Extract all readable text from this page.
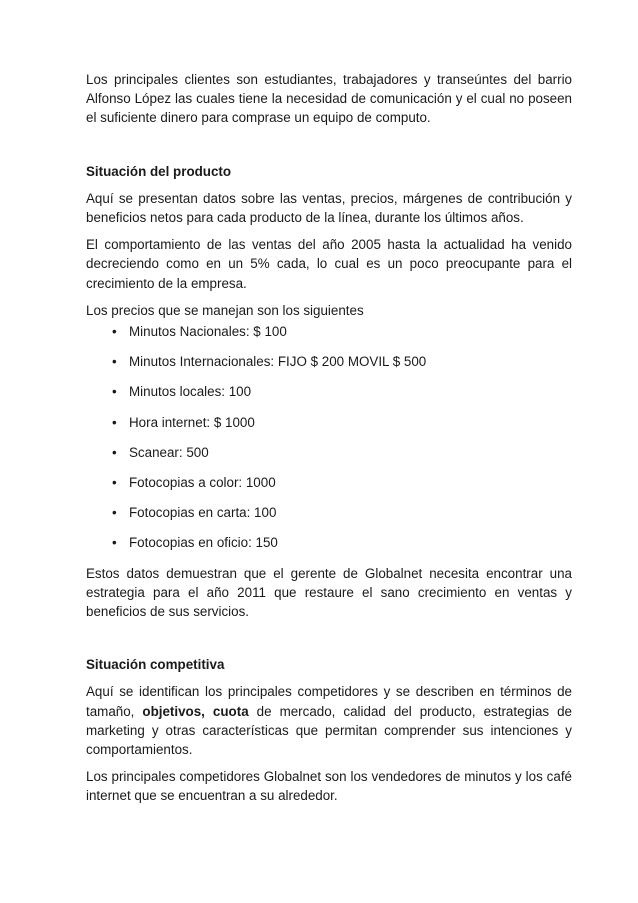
Los principales clientes son estudiantes, trabajadores y transeúntes del barrio Alfonso López las cuales tiene la necesidad de comunicación y el cual no poseen el suficiente dinero para comprase un equipo de computo.

Situación del producto

Aquí se presentan datos sobre las ventas, precios, márgenes de contribución y beneficios netos para cada producto de la línea, durante los últimos años.

El comportamiento de las ventas del año 2005 hasta la actualidad ha venido decreciendo como en un 5% cada, lo cual es un poco preocupante para el crecimiento de la empresa.

Los precios que se manejan son los siguientes

• Minutos Nacionales: $ 100
• Minutos Internacionales: FIJO $ 200 MOVIL $ 500
• Minutos locales: 100
• Hora internet: $ 1000
• Scanear: 500
• Fotocopias a color: 1000
• Fotocopias en carta: 100
• Fotocopias en oficio: 150

Estos datos demuestran que el gerente de Globalnet necesita encontrar una estrategia para el año 2011 que restaure el sano crecimiento en ventas y beneficios de sus servicios.

Situación competitiva

Aquí se identifican los principales competidores y se describen en términos de tamaño, objetivos, cuota de mercado, calidad del producto, estrategias de marketing y otras características que permitan comprender sus intenciones y comportamientos.

Los principales competidores Globalnet son los vendedores de minutos y los café internet que se encuentran a su alrededor.
